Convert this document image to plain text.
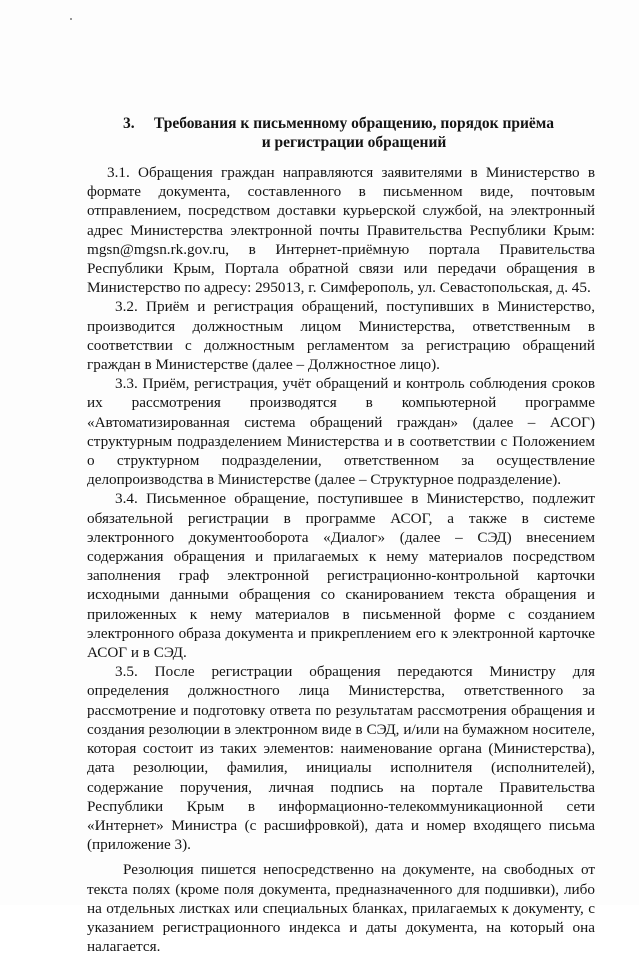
3.	Требования к письменному обращению, порядок приёма
и регистрации обращений

3.1. Обращения граждан направляются заявителями в Министерство в формате документа, составленного в письменном виде, почтовым отправлением, посредством доставки курьерской службой, на электронный адрес Министерства электронной почты Правительства Республики Крым: mgsn@mgsn.rk.gov.ru, в Интернет-приёмную портала Правительства Республики Крым, Портала обратной связи или передачи обращения в Министерство по адресу: 295013, г. Симферополь, ул. Севастопольская, д. 45.

3.2. Приём и регистрация обращений, поступивших в Министерство, производится должностным лицом Министерства, ответственным в соответствии с должностным регламентом за регистрацию обращений граждан в Министерстве (далее – Должностное лицо).

3.3. Приём, регистрация, учёт обращений и контроль соблюдения сроков их рассмотрения производятся в компьютерной программе «Автоматизированная система обращений граждан» (далее – АСОГ) структурным подразделением Министерства и в соответствии с Положением о структурном подразделении, ответственном за осуществление делопроизводства в Министерстве (далее – Структурное подразделение).

3.4. Письменное обращение, поступившее в Министерство, подлежит обязательной регистрации в программе АСОГ, а также в системе электронного документооборота «Диалог» (далее – СЭД) внесением содержания обращения и прилагаемых к нему материалов посредством заполнения граф электронной регистрационно-контрольной карточки исходными данными обращения со сканированием текста обращения и приложенных к нему материалов в письменной форме с созданием электронного образа документа и прикреплением его к электронной карточке АСОГ и в СЭД.

3.5. После регистрации обращения передаются Министру для определения должностного лица Министерства, ответственного за рассмотрение и подготовку ответа по результатам рассмотрения обращения и создания резолюции в электронном виде в СЭД, и/или на бумажном носителе, которая состоит из таких элементов: наименование органа (Министерства), дата резолюции, фамилия, инициалы исполнителя (исполнителей), содержание поручения, личная подпись на портале Правительства Республики Крым в информационно-телекоммуникационной сети «Интернет» Министра (с расшифровкой), дата и номер входящего письма (приложение 3).

Резолюция пишется непосредственно на документе, на свободных от текста полях (кроме поля документа, предназначенного для подшивки), либо на отдельных листках или специальных бланках, прилагаемых к документу, с указанием регистрационного индекса и даты документа, на который она налагается.
